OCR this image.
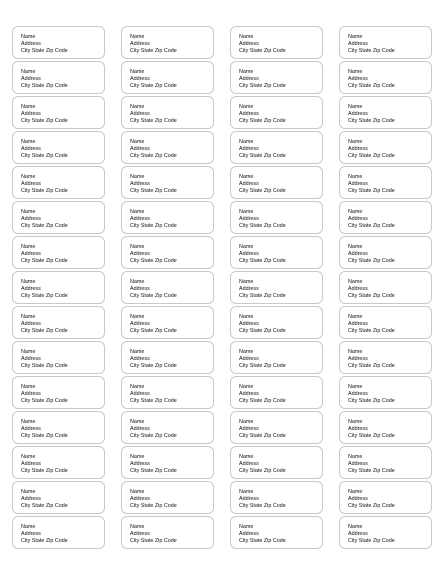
Name
Address
City State Zip Code
Name
Address
City State Zip Code
Name
Address
City State Zip Code
Name
Address
City State Zip Code
Name
Address
City State Zip Code
Name
Address
City State Zip Code
Name
Address
City State Zip Code
Name
Address
City State Zip Code
Name
Address
City State Zip Code
Name
Address
City State Zip Code
Name
Address
City State Zip Code
Name
Address
City State Zip Code
Name
Address
City State Zip Code
Name
Address
City State Zip Code
Name
Address
City State Zip Code
Name
Address
City State Zip Code
Name
Address
City State Zip Code
Name
Address
City State Zip Code
Name
Address
City State Zip Code
Name
Address
City State Zip Code
Name
Address
City State Zip Code
Name
Address
City State Zip Code
Name
Address
City State Zip Code
Name
Address
City State Zip Code
Name
Address
City State Zip Code
Name
Address
City State Zip Code
Name
Address
City State Zip Code
Name
Address
City State Zip Code
Name
Address
City State Zip Code
Name
Address
City State Zip Code
Name
Address
City State Zip Code
Name
Address
City State Zip Code
Name
Address
City State Zip Code
Name
Address
City State Zip Code
Name
Address
City State Zip Code
Name
Address
City State Zip Code
Name
Address
City State Zip Code
Name
Address
City State Zip Code
Name
Address
City State Zip Code
Name
Address
City State Zip Code
Name
Address
City State Zip Code
Name
Address
City State Zip Code
Name
Address
City State Zip Code
Name
Address
City State Zip Code
Name
Address
City State Zip Code
Name
Address
City State Zip Code
Name
Address
City State Zip Code
Name
Address
City State Zip Code
Name
Address
City State Zip Code
Name
Address
City State Zip Code
Name
Address
City State Zip Code
Name
Address
City State Zip Code
Name
Address
City State Zip Code
Name
Address
City State Zip Code
Name
Address
City State Zip Code
Name
Address
City State Zip Code
Name
Address
City State Zip Code
Name
Address
City State Zip Code
Name
Address
City State Zip Code
Name
Address
City State Zip Code
